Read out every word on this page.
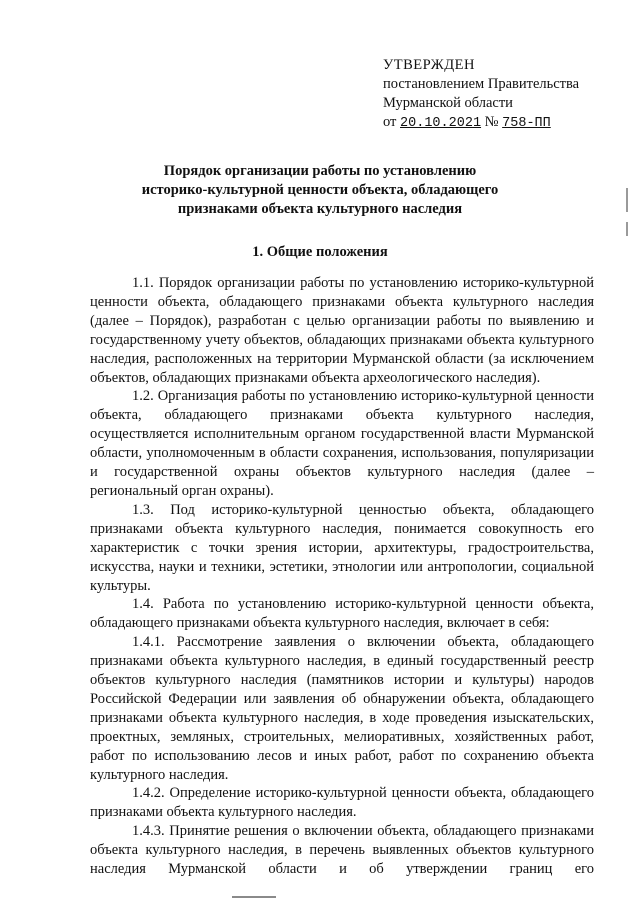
УТВЕРЖДЕН
постановлением Правительства
Мурманской области
от 20.10.2021 № 758-ПП
Порядок организации работы по установлению
историко-культурной ценности объекта, обладающего
признаками объекта культурного наследия
1. Общие положения

1.1. Порядок организации работы по установлению историко-культурной ценности объекта, обладающего признаками объекта культурного наследия (далее – Порядок), разработан с целью организации работы по выявлению и государственному учету объектов, обладающих признаками объекта культурного наследия, расположенных на территории Мурманской области (за исключением объектов, обладающих признаками объекта археологического наследия).

1.2. Организация работы по установлению историко-культурной ценности объекта, обладающего признаками объекта культурного наследия, осуществляется исполнительным органом государственной власти Мурманской области, уполномоченным в области сохранения, использования, популяризации и государственной охраны объектов культурного наследия (далее – региональный орган охраны).

1.3. Под историко-культурной ценностью объекта, обладающего признаками объекта культурного наследия, понимается совокупность его характеристик с точки зрения истории, архитектуры, градостроительства, искусства, науки и техники, эстетики, этнологии или антропологии, социальной культуры.

1.4. Работа по установлению историко-культурной ценности объекта, обладающего признаками объекта культурного наследия, включает в себя:

1.4.1. Рассмотрение заявления о включении объекта, обладающего признаками объекта культурного наследия, в единый государственный реестр объектов культурного наследия (памятников истории и культуры) народов Российской Федерации или заявления об обнаружении объекта, обладающего признаками объекта культурного наследия, в ходе проведения изыскательских, проектных, земляных, строительных, мелиоративных, хозяйственных работ, работ по использованию лесов и иных работ, работ по сохранению объекта культурного наследия.

1.4.2. Определение историко-культурной ценности объекта, обладающего признаками объекта культурного наследия.

1.4.3. Принятие решения о включении объекта, обладающего признаками объекта культурного наследия, в перечень выявленных объектов культурного наследия Мурманской области и об утверждении границ его
